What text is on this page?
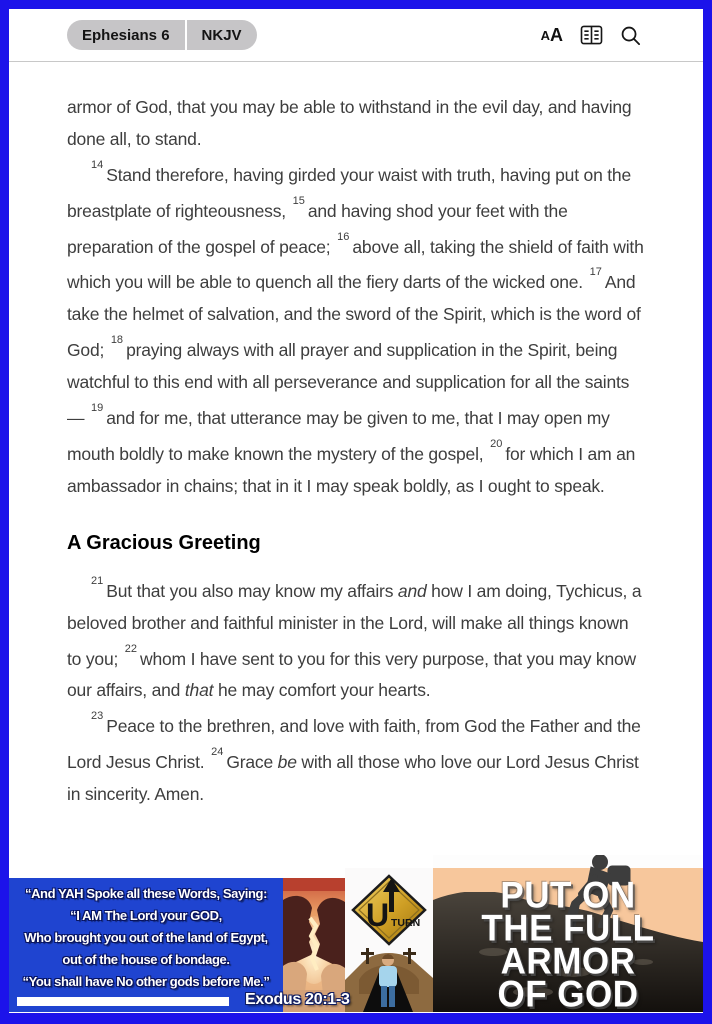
Ephesians 6	NKJV	A A

armor of God, that you may be able to withstand in the evil day, and having done all, to stand.

$^{14}$ Stand therefore, having girded your waist with truth, having put on the breastplate of righteousness, $^{15}$ and having shod your feet with the preparation of the gospel of peace; $^{16}$ above all, taking the shield of faith with which you will be able to quench all the fiery darts of the wicked one. $^{17}$ And take the helmet of salvation, and the sword of the Spirit, which is the word of God; $^{18}$ praying always with all prayer and supplication in the Spirit, being watchful to this end with all perseverance and supplication for all the saints— $^{19}$ and for me, that utterance may be given to me, that I may open my mouth boldly to make known the mystery of the gospel, $^{20}$ for which I am an ambassador in chains; that in it I may speak boldly, as I ought to speak.

A Gracious Greeting

$^{21}$ But that you also may know my affairs and how I am doing, Tychicus, a beloved brother and faithful minister in the Lord, will make all things known to you; $^{22}$ whom I have sent to you for this very purpose, that you may know our affairs, and that he may comfort your hearts.

$^{23}$ Peace to the brethren, and love with faith, from God the Father and the Lord Jesus Christ. $^{24}$ Grace be with all those who love our Lord Jesus Christ in sincerity. Amen.

“And YAH Spoke all these Words, Saying:
“I AM The Lord your GOD,
Who brought you out of the land of Egypt,
out of the house of bondage.
“You shall have No other gods before Me.”
Exodus 20:1-3
U TURN
PUT ON
THE FULL
ARMOR
OF GOD
